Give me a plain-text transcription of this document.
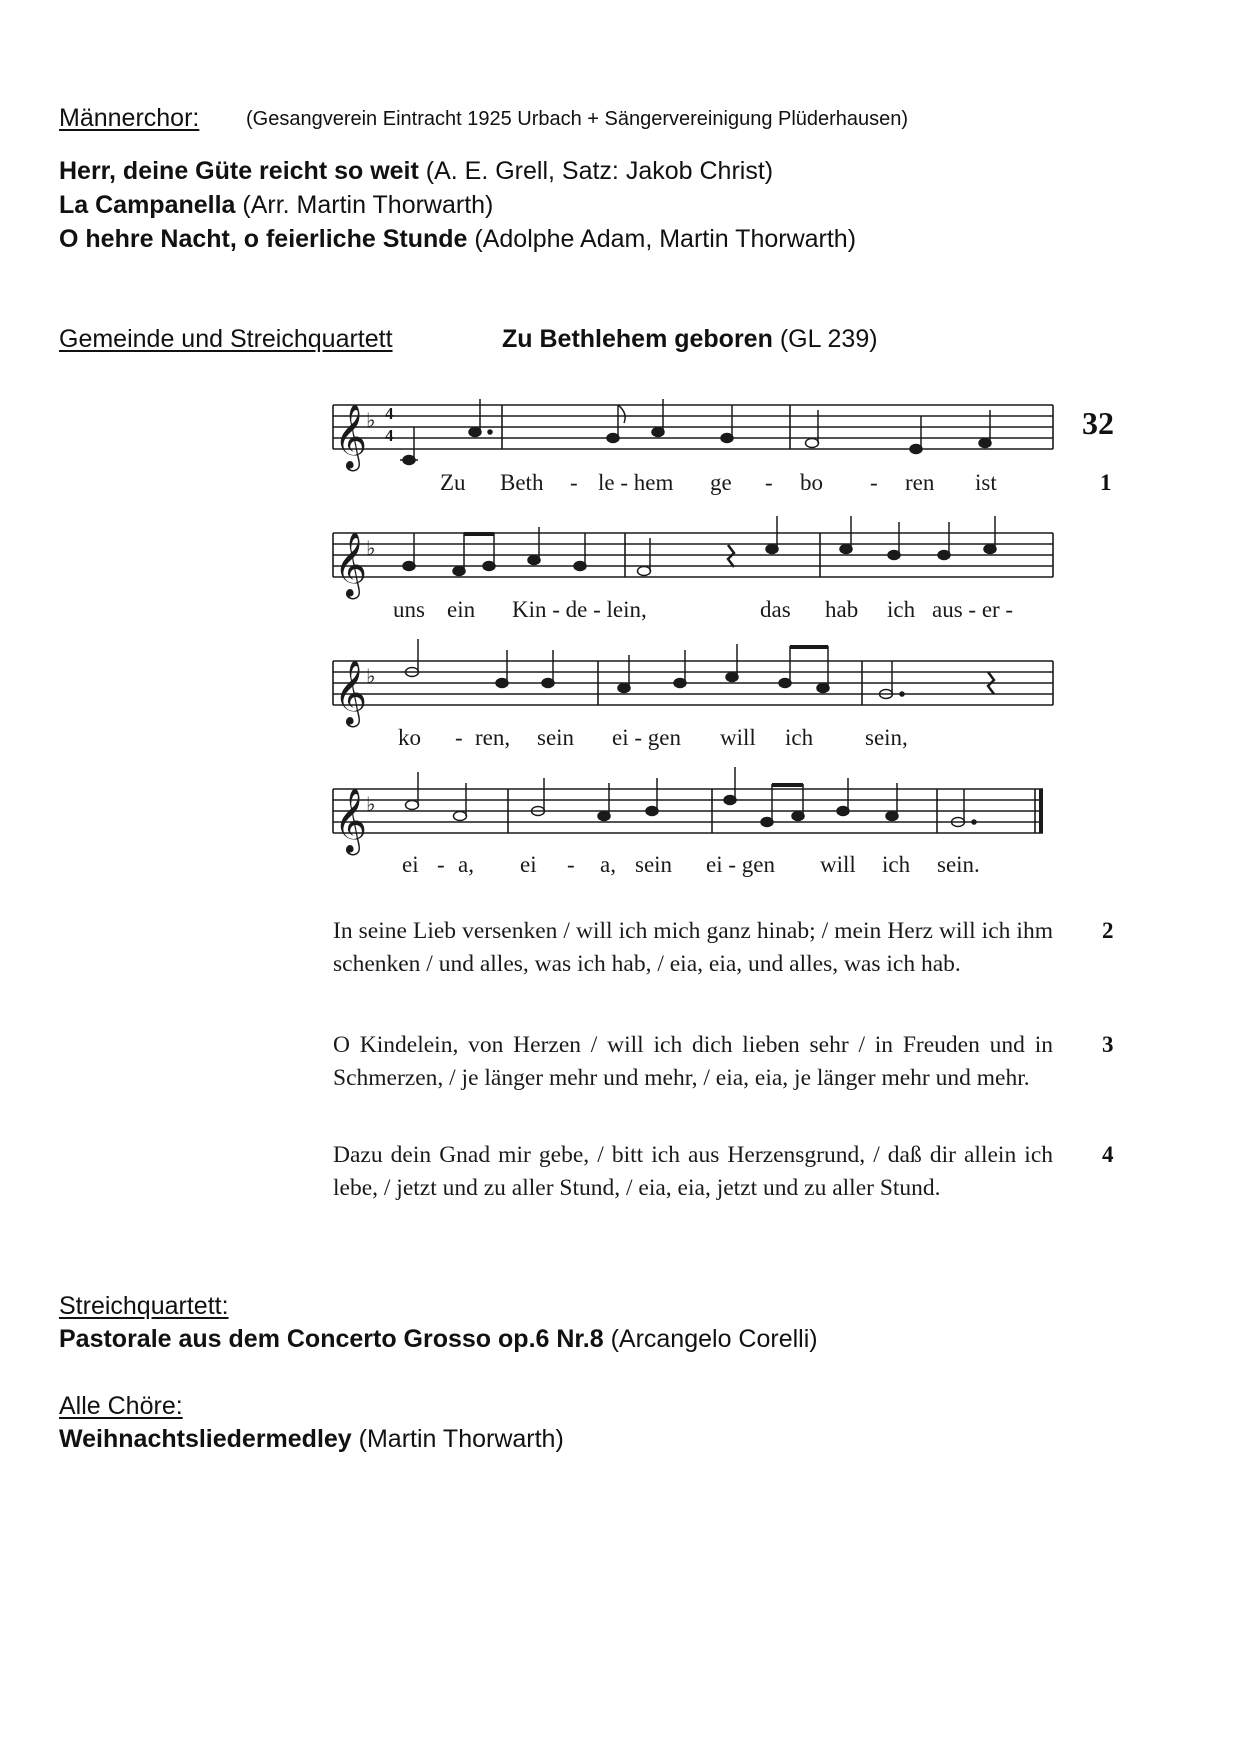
Männerchor: (Gesangverein Eintracht 1925 Urbach + Sängervereinigung Plüderhausen)
Herr, deine Güte reicht so weit (A. E. Grell, Satz: Jakob Christ)
La Campanella (Arr. Martin Thorwarth)
O hehre Nacht, o feierliche Stunde (Adolphe Adam, Martin Thorwarth)
Gemeinde und Streichquartett	Zu Bethlehem geboren (GL 239)
𝄞
𝄞
𝄞
𝄞
♭
♭
♭
♭
4
4	32
1
Zu Beth - le - hem ge - bo - ren ist
uns ein Kin - de - lein,	das hab ich aus - er -
ko - ren, sein ei - gen will ich sein,
ei - a, ei - a, sein ei - gen will ich sein.
In seine Lieb versenken / will ich mich ganz hinab; / mein Herz will ich ihm schenken / und alles, was ich hab, / eia, eia, und alles, was ich hab.
2
O Kindelein, von Herzen / will ich dich lieben sehr / in Freuden und in Schmerzen, / je länger mehr und mehr, / eia, eia, je länger mehr und mehr.
3
Dazu dein Gnad mir gebe, / bitt ich aus Herzensgrund, / daß dir allein ich lebe, / jetzt und zu aller Stund, / eia, eia, jetzt und zu aller Stund.
4
Streichquartett:
Pastorale aus dem Concerto Grosso op.6 Nr.8 (Arcangelo Corelli)
Alle Chöre:
Weihnachtsliedermedley (Martin Thorwarth)
